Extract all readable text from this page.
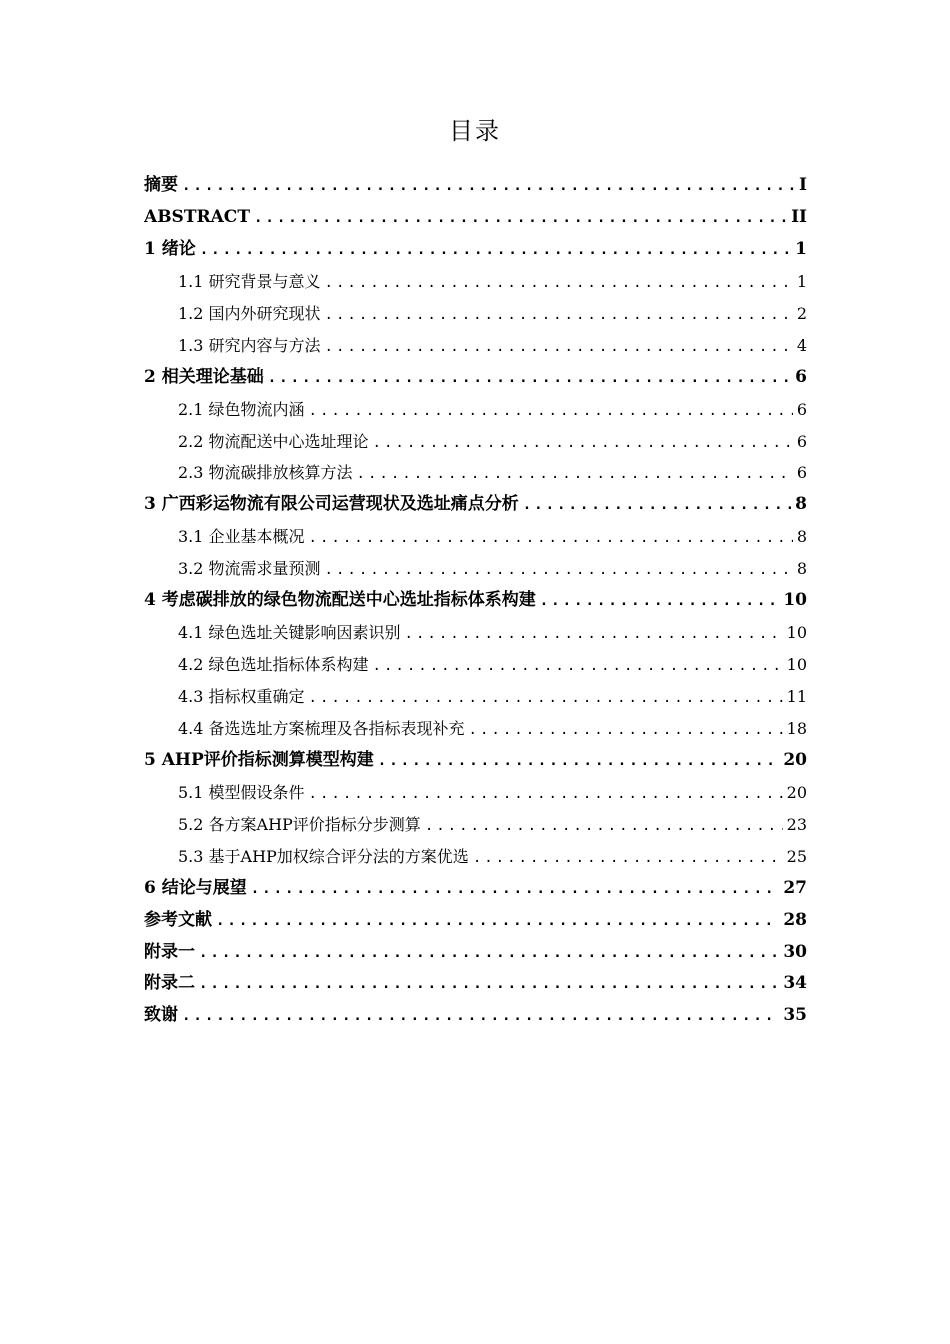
目录
摘要 .....	I
ABSTRACT .....	II
1 绪论 .....	1
1.1 研究背景与意义 .....	1
1.2 国内外研究现状 .....	2
1.3 研究内容与方法 .....	4
2 相关理论基础 .....	6
2.1 绿色物流内涵 .....	6
2.2 物流配送中心选址理论 .....	6
2.3 物流碳排放核算方法 .....	6
3 广西彩运物流有限公司运营现状及选址痛点分析 .....	8
3.1 企业基本概况 .....	8
3.2 物流需求量预测 .....	8
4 考虑碳排放的绿色物流配送中心选址指标体系构建 .....	10
4.1 绿色选址关键影响因素识别 .....	10
4.2 绿色选址指标体系构建 .....	10
4.3 指标权重确定 .....	11
4.4 备选选址方案梳理及各指标表现补充 .....	18
5 AHP评价指标测算模型构建 .....	20
5.1 模型假设条件 .....	20
5.2 各方案AHP评价指标分步测算 .....	23
5.3 基于AHP加权综合评分法的方案优选 .....	25
6 结论与展望 .....	27
参考文献 .....	28
附录一 .....	30
附录二 .....	34
致谢 .....	35
